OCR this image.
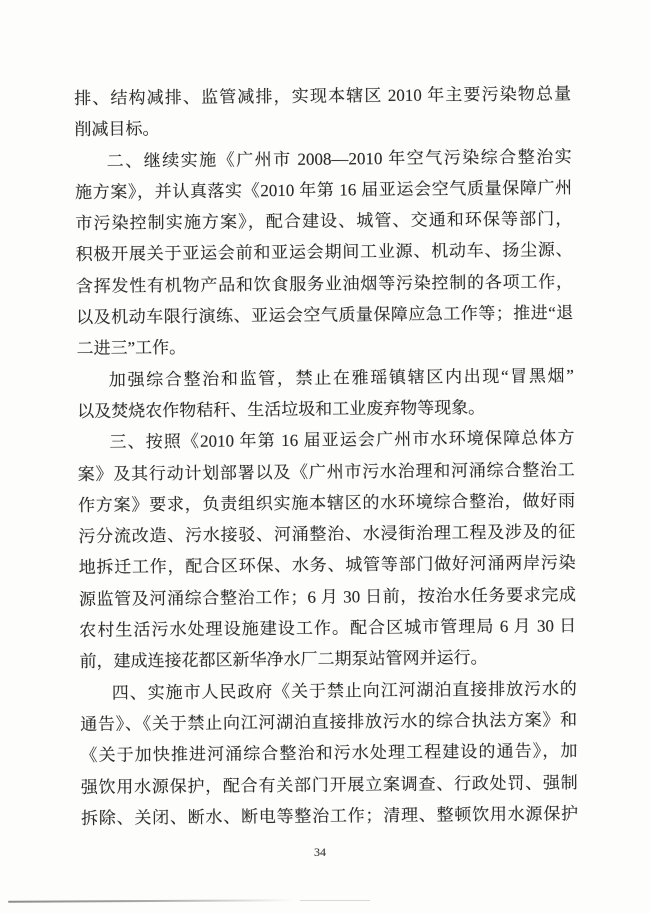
排、结构减排、监管减排，实现本辖区 2010 年主要污染物总量
削减目标。
二、继续实施《广州市 2008—2010 年空气污染综合整治实
施方案》，并认真落实《2010 年第 16 届亚运会空气质量保障广州
市污染控制实施方案》，配合建设、城管、交通和环保等部门，
积极开展关于亚运会前和亚运会期间工业源、机动车、扬尘源、
含挥发性有机物产品和饮食服务业油烟等污染控制的各项工作，
以及机动车限行演练、亚运会空气质量保障应急工作等；推进“退
二进三”工作。
加强综合整治和监管，禁止在雅瑶镇辖区内出现“冒黑烟”
以及焚烧农作物秸秆、生活垃圾和工业废弃物等现象。
三、按照《2010 年第 16 届亚运会广州市水环境保障总体方
案》及其行动计划部署以及《广州市污水治理和河涌综合整治工
作方案》要求，负责组织实施本辖区的水环境综合整治，做好雨
污分流改造、污水接驳、河涌整治、水浸街治理工程及涉及的征
地拆迁工作，配合区环保、水务、城管等部门做好河涌两岸污染
源监管及河涌综合整治工作；6 月 30 日前，按治水任务要求完成
农村生活污水处理设施建设工作。配合区城市管理局 6 月 30 日
前，建成连接花都区新华净水厂二期泵站管网并运行。
四、实施市人民政府《关于禁止向江河湖泊直接排放污水的
通告》、《关于禁止向江河湖泊直接排放污水的综合执法方案》和
《关于加快推进河涌综合整治和污水处理工程建设的通告》，加
强饮用水源保护，配合有关部门开展立案调查、行政处罚、强制
拆除、关闭、断水、断电等整治工作；清理、整顿饮用水源保护
34
